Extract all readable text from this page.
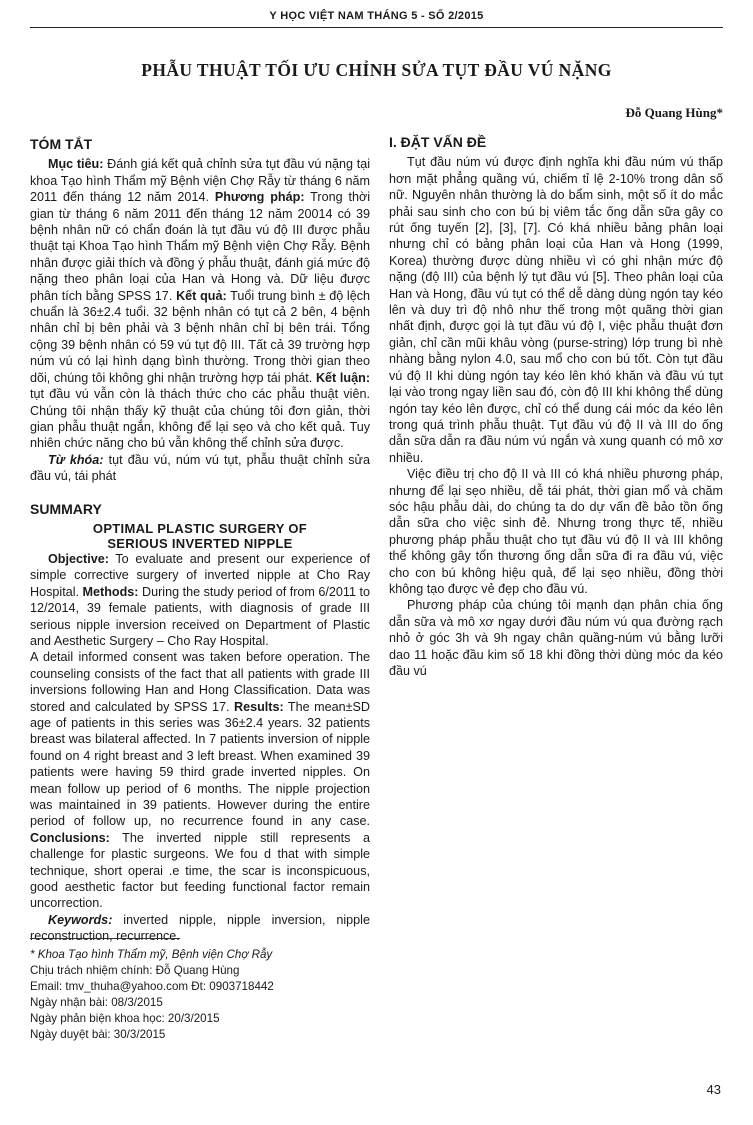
Y HỌC VIỆT NAM THÁNG 5 - SỐ 2/2015
PHẪU THUẬT TỐI ƯU CHỈNH SỬA TỤT ĐẦU VÚ NẶNG
Đỗ Quang Hùng*
TÓM TẮT

Mục tiêu: Đánh giá kết quả chỉnh sửa tụt đầu vú nặng tại khoa Tạo hình Thẩm mỹ Bệnh viện Chợ Rẫy từ tháng 6 năm 2011 đến tháng 12 năm 2014. Phương pháp: Trong thời gian từ tháng 6 năm 2011 đến tháng 12 năm 20014 có 39 bệnh nhân nữ có chẩn đoán là tụt đầu vú độ III được phẫu thuật tại Khoa Tạo hình Thẩm mỹ Bệnh viện Chợ Rẫy. Bệnh nhân được giải thích và đồng ý phẫu thuật, đánh giá mức độ nặng theo phân loại của Han và Hong và. Dữ liệu được phân tích bằng SPSS 17. Kết quả: Tuổi trung bình ± độ lệch chuẩn là 36±2.4 tuổi. 32 bệnh nhân có tụt cả 2 bên, 4 bệnh nhân chỉ bị bên phải và 3 bệnh nhân chỉ bị bên trái. Tổng cộng 39 bệnh nhân có 59 vú tụt độ III. Tất cả 39 trường hợp núm vú có lại hình dạng bình thường. Trong thời gian theo dõi, chúng tôi không ghi nhận trường hợp tái phát. Kết luận: tụt đầu vú vẫn còn là thách thức cho các phẫu thuật viên. Chúng tôi nhận thấy kỹ thuật của chúng tôi đơn giản, thời gian phẫu thuật ngắn, không để lại sẹo và cho kết quả. Tuy nhiên chức năng cho bú vẫn không thể chỉnh sửa được.

Từ khóa: tụt đầu vú, núm vú tụt, phẫu thuật chỉnh sửa đầu vú, tái phát

SUMMARY
OPTIMAL PLASTIC SURGERY OF
SERIOUS INVERTED NIPPLE

Objective: To evaluate and present our experience of simple corrective surgery of inverted nipple at Cho Ray Hospital. Methods: During the study period of from 6/2011 to 12/2014, 39 female patients, with diagnosis of grade III serious nipple inversion received on Department of Plastic and Aesthetic Surgery – Cho Ray Hospital.

A detail informed consent was taken before operation. The counseling consists of the fact that all patients with grade III inversions following Han and Hong Classification. Data was stored and calculated by SPSS 17. Results: The mean±SD age of patients in this series was 36±2.4 years. 32 patients breast was bilateral affected. In 7 patients inversion of nipple found on 4 right breast and 3 left breast. When examined 39 patients were having 59 third grade inverted nipples. On mean follow up period of 6 months. The nipple projection was maintained in 39 patients. However during the entire period of follow up, no recurrence found in any case. Conclusions: The inverted nipple still represents a challenge for plastic surgeons. We fou d that with simple technique, short operai .e time, the scar is inconspicuous, good aesthetic factor but feeding functional factor remain uncorrection.

Keywords: inverted nipple, nipple inversion, nipple reconstruction, recurrence.

I. ĐẶT VẤN ĐỀ

Tụt đầu núm vú được định nghĩa khi đầu núm vú thấp hơn mặt phẳng quầng vú, chiếm tỉ lệ 2-10% trong dân số nữ. Nguyên nhân thường là do bẩm sinh, một số ít do mắc phải sau sinh cho con bú bị viêm tắc ống dẫn sữa gây co rút ống tuyến [2], [3], [7]. Có khá nhiều bảng phân loại nhưng chỉ có bảng phân loại của Han và Hong (1999, Korea) thường được dùng nhiều vì có ghi nhận mức độ nặng (độ III) của bệnh lý tụt đầu vú [5]. Theo phân loại của Han và Hong, đầu vú tụt có thể dễ dàng dùng ngón tay kéo lên và duy trì độ nhô như thế trong một quãng thời gian nhất định, được gọi là tụt đầu vú độ I, việc phẫu thuật đơn giản, chỉ cần mũi khâu vòng (purse-string) lớp trung bì nhè nhàng bằng nylon 4.0, sau mổ cho con bú tốt. Còn tụt đầu vú độ II khi dùng ngón tay kéo lên khó khăn và đầu vú tụt lại vào trong ngay liền sau đó, còn độ III khi không thể dùng ngón tay kéo lên được, chỉ có thể dung cái móc da kéo lên trong quá trình phẫu thuật. Tụt đầu vú độ II và III do ống dẫn sữa dẫn ra đầu núm vú ngắn và xung quanh có mô xơ nhiều.

Việc điều trị cho độ II và III có khá nhiều phương pháp, nhưng để lại sẹo nhiều, dễ tái phát, thời gian mổ và chăm sóc hậu phẫu dài, do chúng ta do dự vấn đề bảo tồn ống dẫn sữa cho việc sinh đẻ. Nhưng trong thực tế, nhiều phương pháp phẫu thuật cho tụt đầu vú độ II và III không thể không gây tổn thương ống dẫn sữa đi ra đầu vú, việc cho con bú không hiệu quả, để lại sẹo nhiều, đồng thời không tạo được vẻ đẹp cho đầu vú.

Phương pháp của chúng tôi mạnh dạn phân chia ống dẫn sữa và mô xơ ngay dưới đầu núm vú qua đường rạch nhỏ ở góc 3h và 9h ngay chân quầng-núm vú bằng lưỡi dao 11 hoặc đầu kim số 18 khi đồng thời dùng móc da kéo đầu vú

* Khoa Tạo hình Thẩm mỹ, Bệnh viện Chợ Rẫy
Chịu trách nhiệm chính: Đỗ Quang Hùng
Email: tmv_thuha@yahoo.com Đt: 0903718442
Ngày nhận bài: 08/3/2015
Ngày phản biện khoa học: 20/3/2015
Ngày duyệt bài: 30/3/2015
43
